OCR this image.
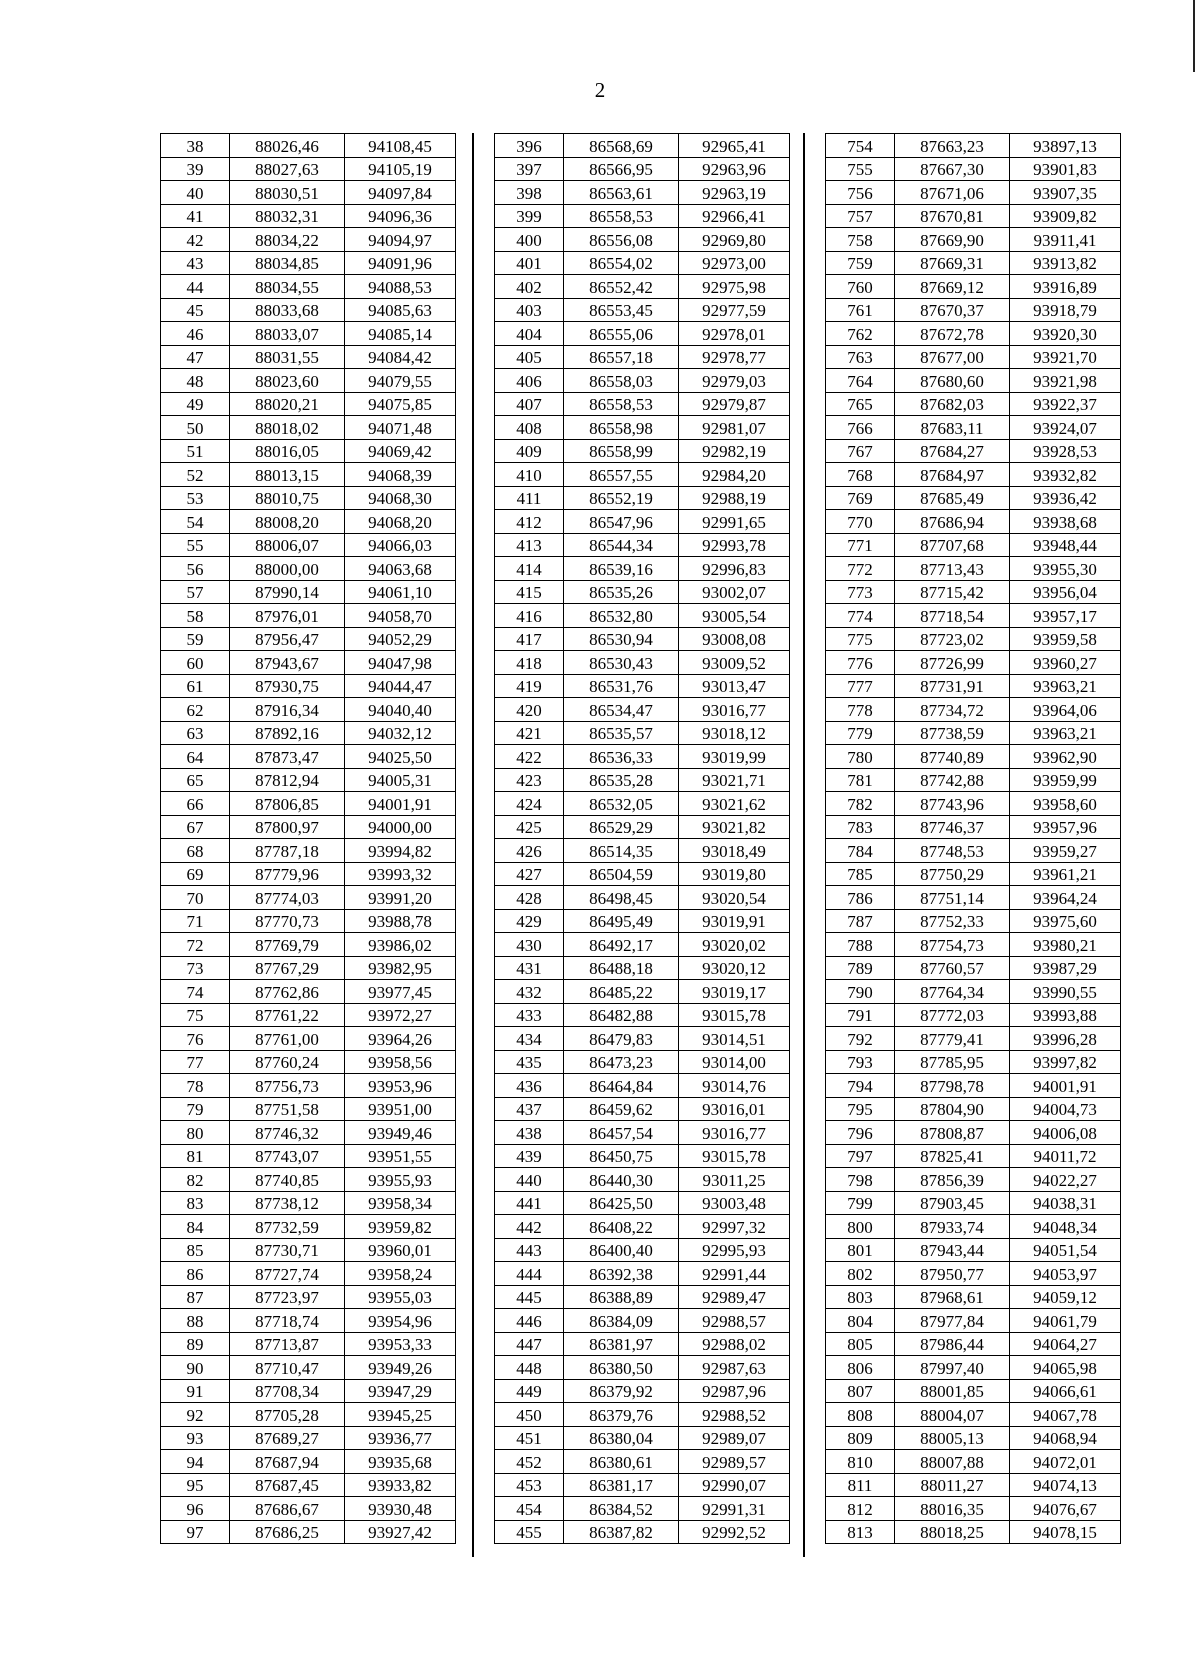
2
38	88026,46	94108,45
39	88027,63	94105,19
40	88030,51	94097,84
41	88032,31	94096,36
42	88034,22	94094,97
43	88034,85	94091,96
44	88034,55	94088,53
45	88033,68	94085,63
46	88033,07	94085,14
47	88031,55	94084,42
48	88023,60	94079,55
49	88020,21	94075,85
50	88018,02	94071,48
51	88016,05	94069,42
52	88013,15	94068,39
53	88010,75	94068,30
54	88008,20	94068,20
55	88006,07	94066,03
56	88000,00	94063,68
57	87990,14	94061,10
58	87976,01	94058,70
59	87956,47	94052,29
60	87943,67	94047,98
61	87930,75	94044,47
62	87916,34	94040,40
63	87892,16	94032,12
64	87873,47	94025,50
65	87812,94	94005,31
66	87806,85	94001,91
67	87800,97	94000,00
68	87787,18	93994,82
69	87779,96	93993,32
70	87774,03	93991,20
71	87770,73	93988,78
72	87769,79	93986,02
73	87767,29	93982,95
74	87762,86	93977,45
75	87761,22	93972,27
76	87761,00	93964,26
77	87760,24	93958,56
78	87756,73	93953,96
79	87751,58	93951,00
80	87746,32	93949,46
81	87743,07	93951,55
82	87740,85	93955,93
83	87738,12	93958,34
84	87732,59	93959,82
85	87730,71	93960,01
86	87727,74	93958,24
87	87723,97	93955,03
88	87718,74	93954,96
89	87713,87	93953,33
90	87710,47	93949,26
91	87708,34	93947,29
92	87705,28	93945,25
93	87689,27	93936,77
94	87687,94	93935,68
95	87687,45	93933,82
96	87686,67	93930,48
97	87686,25	93927,42
396	86568,69	92965,41
397	86566,95	92963,96
398	86563,61	92963,19
399	86558,53	92966,41
400	86556,08	92969,80
401	86554,02	92973,00
402	86552,42	92975,98
403	86553,45	92977,59
404	86555,06	92978,01
405	86557,18	92978,77
406	86558,03	92979,03
407	86558,53	92979,87
408	86558,98	92981,07
409	86558,99	92982,19
410	86557,55	92984,20
411	86552,19	92988,19
412	86547,96	92991,65
413	86544,34	92993,78
414	86539,16	92996,83
415	86535,26	93002,07
416	86532,80	93005,54
417	86530,94	93008,08
418	86530,43	93009,52
419	86531,76	93013,47
420	86534,47	93016,77
421	86535,57	93018,12
422	86536,33	93019,99
423	86535,28	93021,71
424	86532,05	93021,62
425	86529,29	93021,82
426	86514,35	93018,49
427	86504,59	93019,80
428	86498,45	93020,54
429	86495,49	93019,91
430	86492,17	93020,02
431	86488,18	93020,12
432	86485,22	93019,17
433	86482,88	93015,78
434	86479,83	93014,51
435	86473,23	93014,00
436	86464,84	93014,76
437	86459,62	93016,01
438	86457,54	93016,77
439	86450,75	93015,78
440	86440,30	93011,25
441	86425,50	93003,48
442	86408,22	92997,32
443	86400,40	92995,93
444	86392,38	92991,44
445	86388,89	92989,47
446	86384,09	92988,57
447	86381,97	92988,02
448	86380,50	92987,63
449	86379,92	92987,96
450	86379,76	92988,52
451	86380,04	92989,07
452	86380,61	92989,57
453	86381,17	92990,07
454	86384,52	92991,31
455	86387,82	92992,52
754	87663,23	93897,13
755	87667,30	93901,83
756	87671,06	93907,35
757	87670,81	93909,82
758	87669,90	93911,41
759	87669,31	93913,82
760	87669,12	93916,89
761	87670,37	93918,79
762	87672,78	93920,30
763	87677,00	93921,70
764	87680,60	93921,98
765	87682,03	93922,37
766	87683,11	93924,07
767	87684,27	93928,53
768	87684,97	93932,82
769	87685,49	93936,42
770	87686,94	93938,68
771	87707,68	93948,44
772	87713,43	93955,30
773	87715,42	93956,04
774	87718,54	93957,17
775	87723,02	93959,58
776	87726,99	93960,27
777	87731,91	93963,21
778	87734,72	93964,06
779	87738,59	93963,21
780	87740,89	93962,90
781	87742,88	93959,99
782	87743,96	93958,60
783	87746,37	93957,96
784	87748,53	93959,27
785	87750,29	93961,21
786	87751,14	93964,24
787	87752,33	93975,60
788	87754,73	93980,21
789	87760,57	93987,29
790	87764,34	93990,55
791	87772,03	93993,88
792	87779,41	93996,28
793	87785,95	93997,82
794	87798,78	94001,91
795	87804,90	94004,73
796	87808,87	94006,08
797	87825,41	94011,72
798	87856,39	94022,27
799	87903,45	94038,31
800	87933,74	94048,34
801	87943,44	94051,54
802	87950,77	94053,97
803	87968,61	94059,12
804	87977,84	94061,79
805	87986,44	94064,27
806	87997,40	94065,98
807	88001,85	94066,61
808	88004,07	94067,78
809	88005,13	94068,94
810	88007,88	94072,01
811	88011,27	94074,13
812	88016,35	94076,67
813	88018,25	94078,15
